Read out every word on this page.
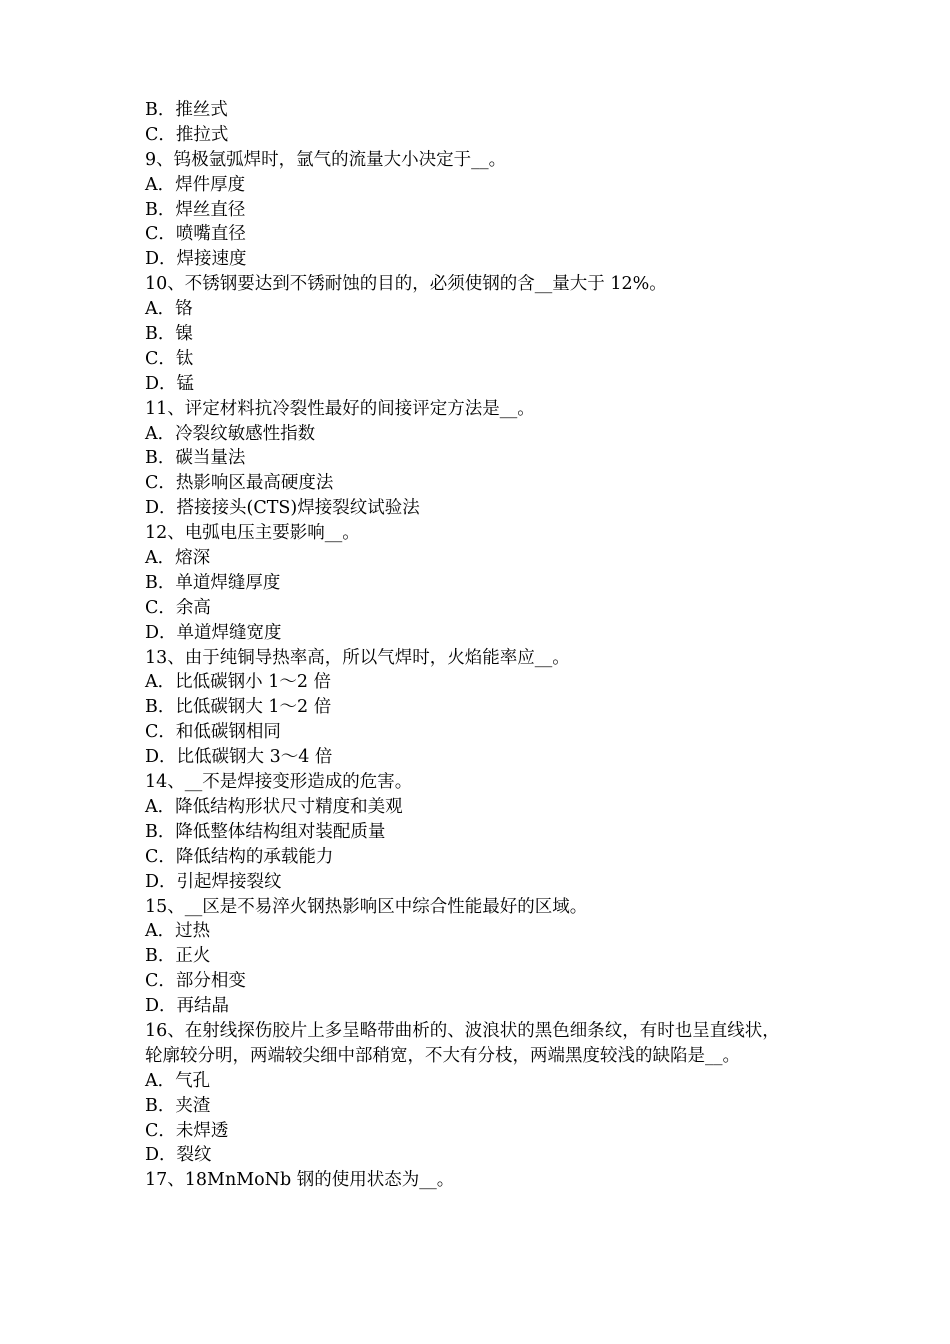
B．推丝式
C．推拉式
9、钨极氩弧焊时，氩气的流量大小决定于__。
A．焊件厚度
B．焊丝直径
C．喷嘴直径
D．焊接速度
10、不锈钢要达到不锈耐蚀的目的，必须使钢的含__量大于 12%。
A．铬
B．镍
C．钛
D．锰
11、评定材料抗冷裂性最好的间接评定方法是__。
A．冷裂纹敏感性指数
B．碳当量法
C．热影响区最高硬度法
D．搭接接头(CTS)焊接裂纹试验法
12、电弧电压主要影响__。
A．熔深
B．单道焊缝厚度
C．余高
D．单道焊缝宽度
13、由于纯铜导热率高，所以气焊时，火焰能率应__。
A．比低碳钢小 1～2 倍
B．比低碳钢大 1～2 倍
C．和低碳钢相同
D．比低碳钢大 3～4 倍
14、__不是焊接变形造成的危害。
A．降低结构形状尺寸精度和美观
B．降低整体结构组对装配质量
C．降低结构的承载能力
D．引起焊接裂纹
15、__区是不易淬火钢热影响区中综合性能最好的区域。
A．过热
B．正火
C．部分相变
D．再结晶
16、在射线探伤胶片上多呈略带曲析的、波浪状的黑色细条纹，有时也呈直线状，
轮廓较分明，两端较尖细中部稍宽，不大有分枝，两端黑度较浅的缺陷是__。
A．气孔
B．夹渣
C．未焊透
D．裂纹
17、18MnMoNb 钢的使用状态为__。
